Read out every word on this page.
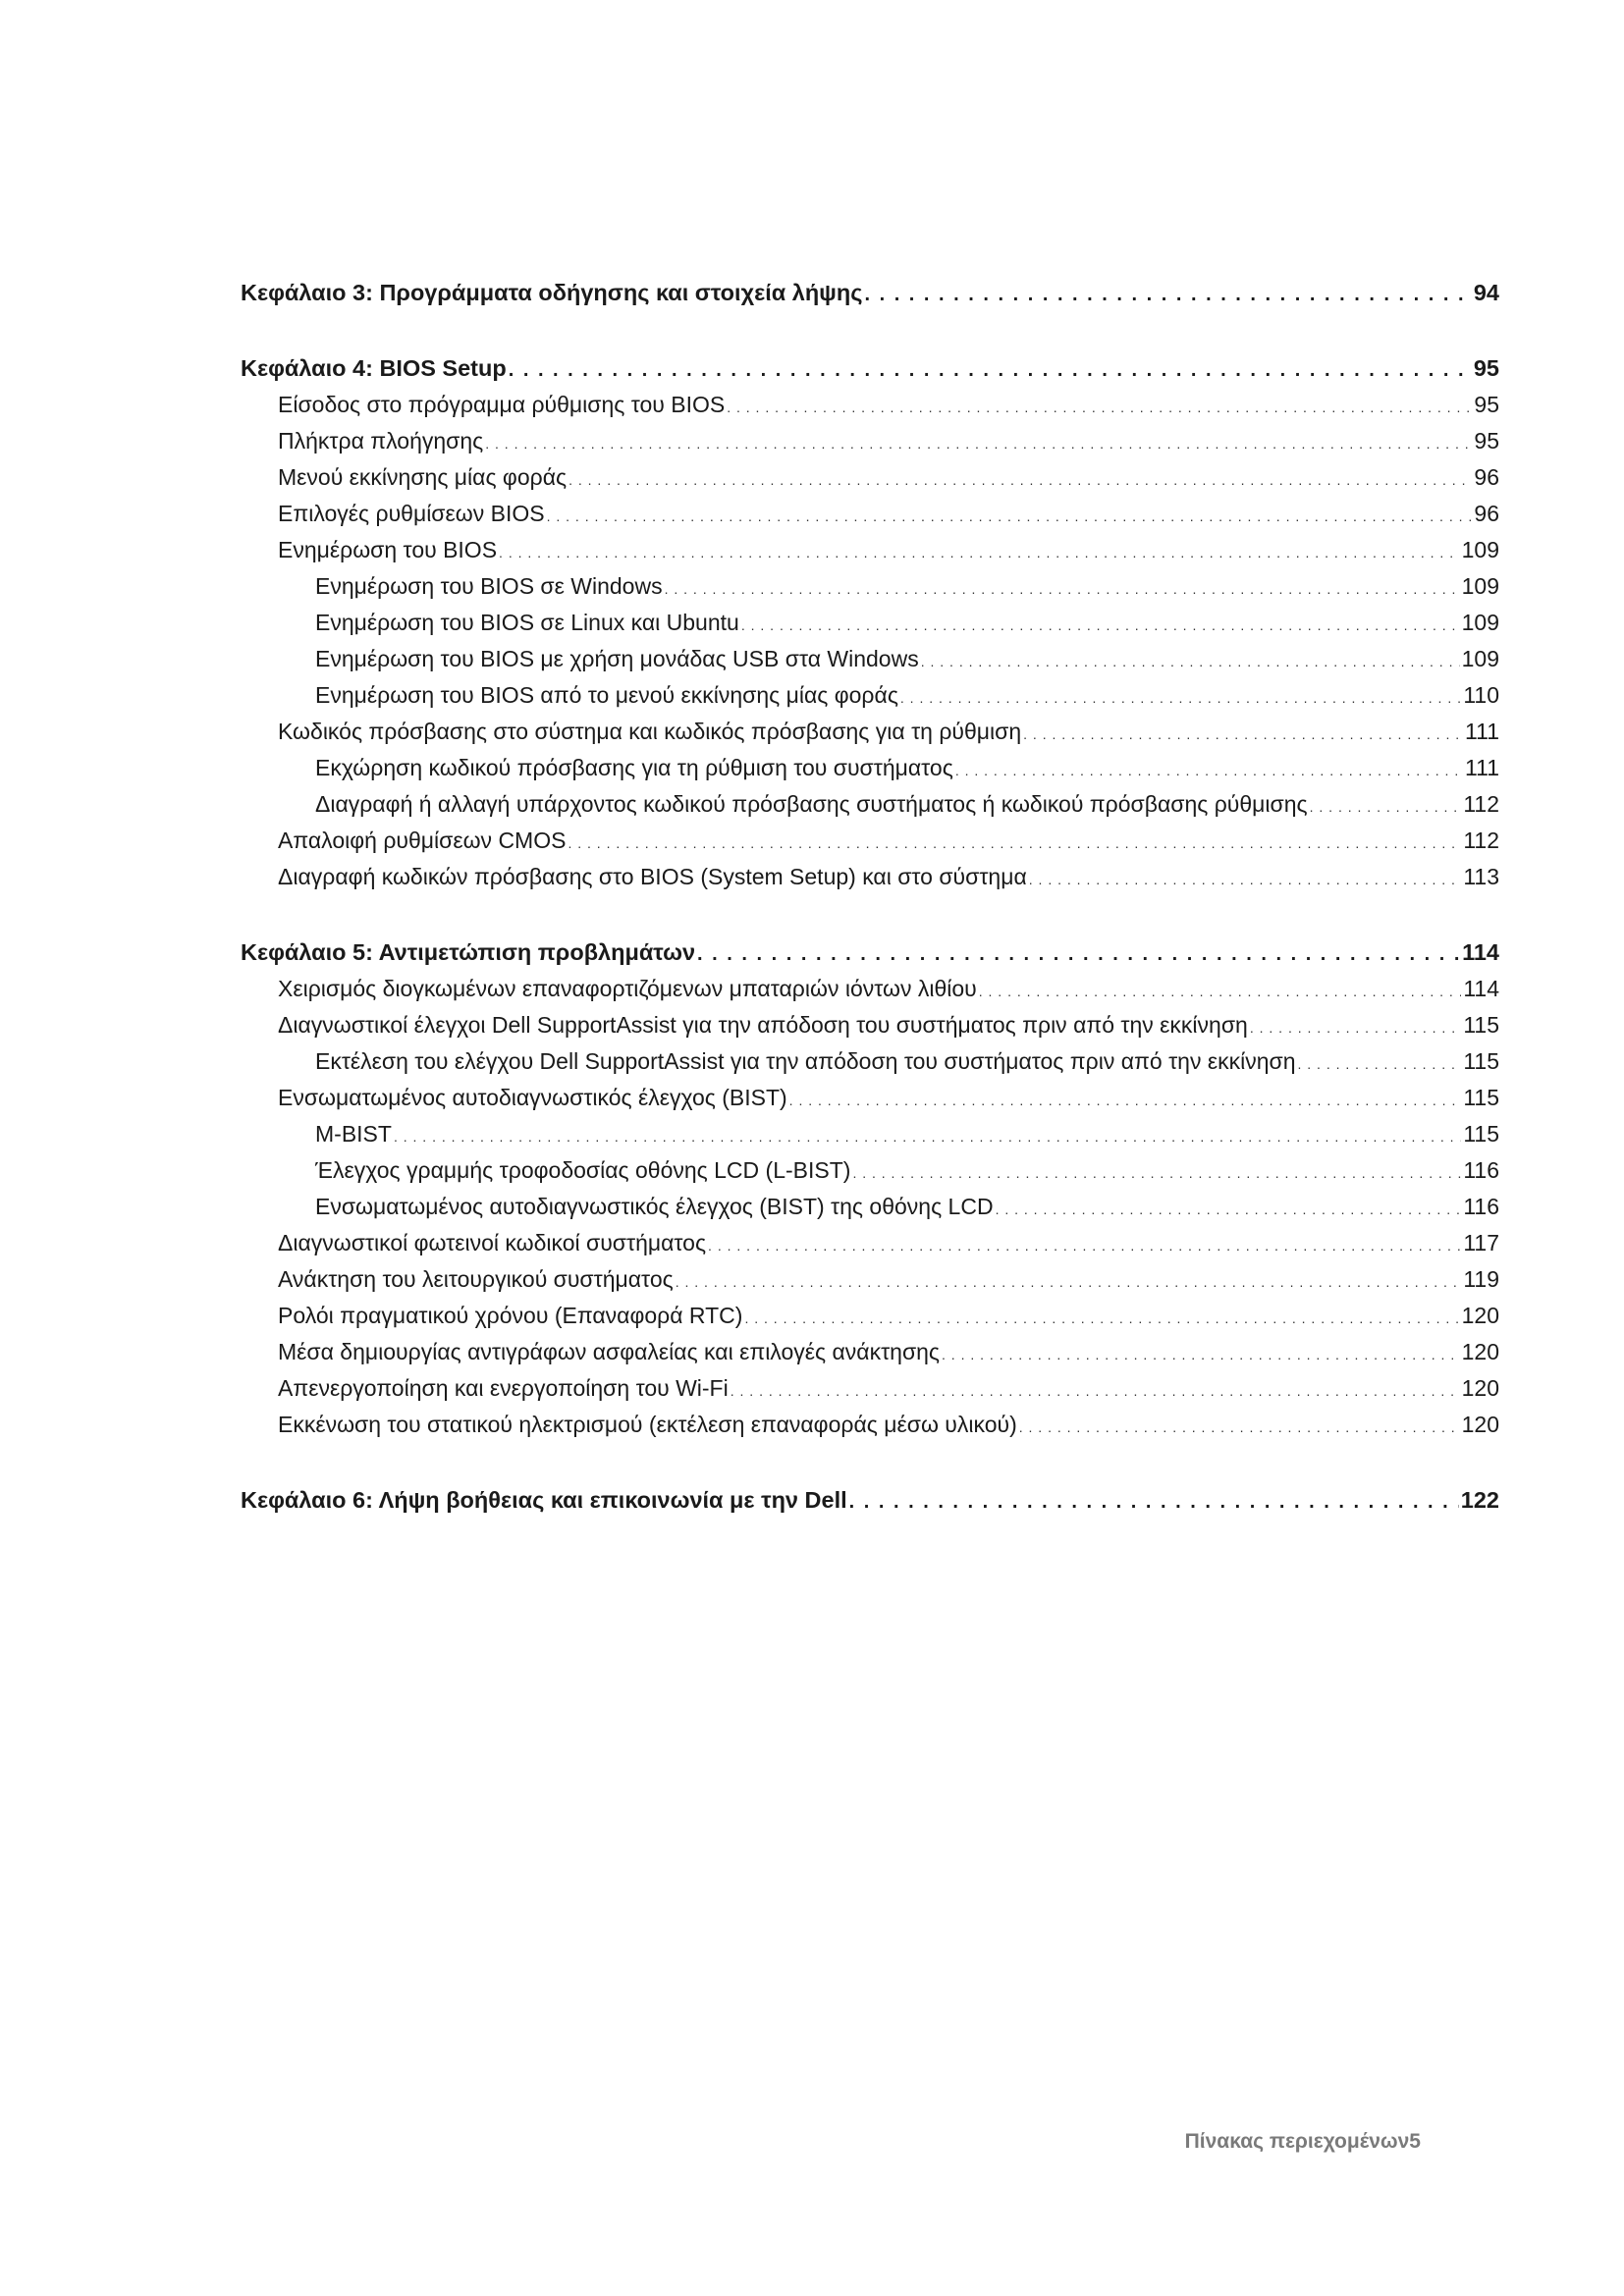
Κεφάλαιο 3: Προγράμματα οδήγησης και στοιχεία λήψης . . .	94
Κεφάλαιο 4: BIOS Setup . . .	95
Είσοδος στο πρόγραμμα ρύθμισης του BIOS . . .	95
Πλήκτρα πλοήγησης . . .	95
Μενού εκκίνησης μίας φοράς . . .	96
Επιλογές ρυθμίσεων BIOS . . .	96
Ενημέρωση του BIOS . . .	109
Ενημέρωση του BIOS σε Windows . . .	109
Ενημέρωση του BIOS σε Linux και Ubuntu . . .	109
Ενημέρωση του BIOS με χρήση μονάδας USB στα Windows . . .	109
Ενημέρωση του BIOS από το μενού εκκίνησης μίας φοράς . . .	110
Κωδικός πρόσβασης στο σύστημα και κωδικός πρόσβασης για τη ρύθμιση . . .	111
Εκχώρηση κωδικού πρόσβασης για τη ρύθμιση του συστήματος . . .	111
Διαγραφή ή αλλαγή υπάρχοντος κωδικού πρόσβασης συστήματος ή κωδικού πρόσβασης ρύθμισης . . .	112
Απαλοιφή ρυθμίσεων CMOS . . .	112
Διαγραφή κωδικών πρόσβασης στο BIOS (System Setup) και στο σύστημα . . .	113
Κεφάλαιο 5: Αντιμετώπιση προβλημάτων . . .	114
Χειρισμός διογκωμένων επαναφορτιζόμενων μπαταριών ιόντων λιθίου . . .	114
Διαγνωστικοί έλεγχοι Dell SupportAssist για την απόδοση του συστήματος πριν από την εκκίνηση . . .	115
Εκτέλεση του ελέγχου Dell SupportAssist για την απόδοση του συστήματος πριν από την εκκίνηση . . .	115
Ενσωματωμένος αυτοδιαγνωστικός έλεγχος (BIST) . . .	115
M-BIST . . .	115
Έλεγχος γραμμής τροφοδοσίας οθόνης LCD (L-BIST) . . .	116
Ενσωματωμένος αυτοδιαγνωστικός έλεγχος (BIST) της οθόνης LCD . . .	116
Διαγνωστικοί φωτεινοί κωδικοί συστήματος . . .	117
Ανάκτηση του λειτουργικού συστήματος . . .	119
Ρολόι πραγματικού χρόνου (Επαναφορά RTC) . . .	120
Μέσα δημιουργίας αντιγράφων ασφαλείας και επιλογές ανάκτησης . . .	120
Απενεργοποίηση και ενεργοποίηση του Wi-Fi . . .	120
Εκκένωση του στατικού ηλεκτρισμού (εκτέλεση επαναφοράς μέσω υλικού) . . .	120
Κεφάλαιο 6: Λήψη βοήθειας και επικοινωνία με την Dell . . .	122
Πίνακας περιεχομένων5
